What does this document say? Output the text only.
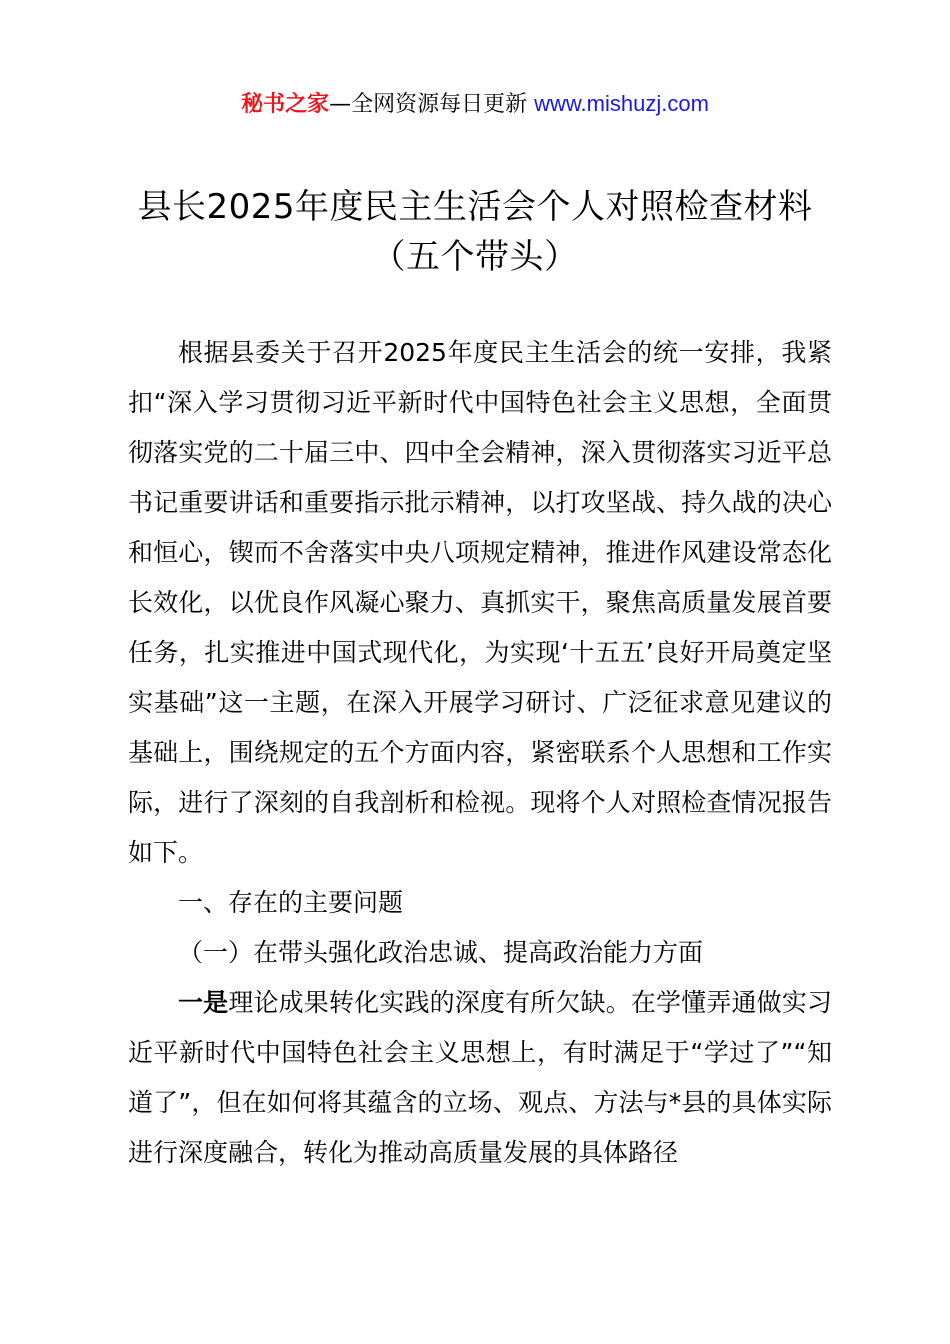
秘书之家—全网资源每日更新 www.mishuzj.com
县长2025年度民主生活会个人对照检查材料
（五个带头）

根据县委关于召开2025年度民主生活会的统一安排，我紧扣“深入学习贯彻习近平新时代中国特色社会主义思想，全面贯彻落实党的二十届三中、四中全会精神，深入贯彻落实习近平总书记重要讲话和重要指示批示精神，以打攻坚战、持久战的决心和恒心，锲而不舍落实中央八项规定精神，推进作风建设常态化长效化，以优良作风凝心聚力、真抓实干，聚焦高质量发展首要任务，扎实推进中国式现代化，为实现‘十五五’良好开局奠定坚实基础”这一主题，在深入开展学习研讨、广泛征求意见建议的基础上，围绕规定的五个方面内容，紧密联系个人思想和工作实际，进行了深刻的自我剖析和检视。现将个人对照检查情况报告如下。

一、存在的主要问题

（一）在带头强化政治忠诚、提高政治能力方面

一是理论成果转化实践的深度有所欠缺。在学懂弄通做实习近平新时代中国特色社会主义思想上，有时满足于“学过了”“知道了”，但在如何将其蕴含的立场、观点、方法与*县的具体实际进行深度融合，转化为推动高质量发展的具体路径
